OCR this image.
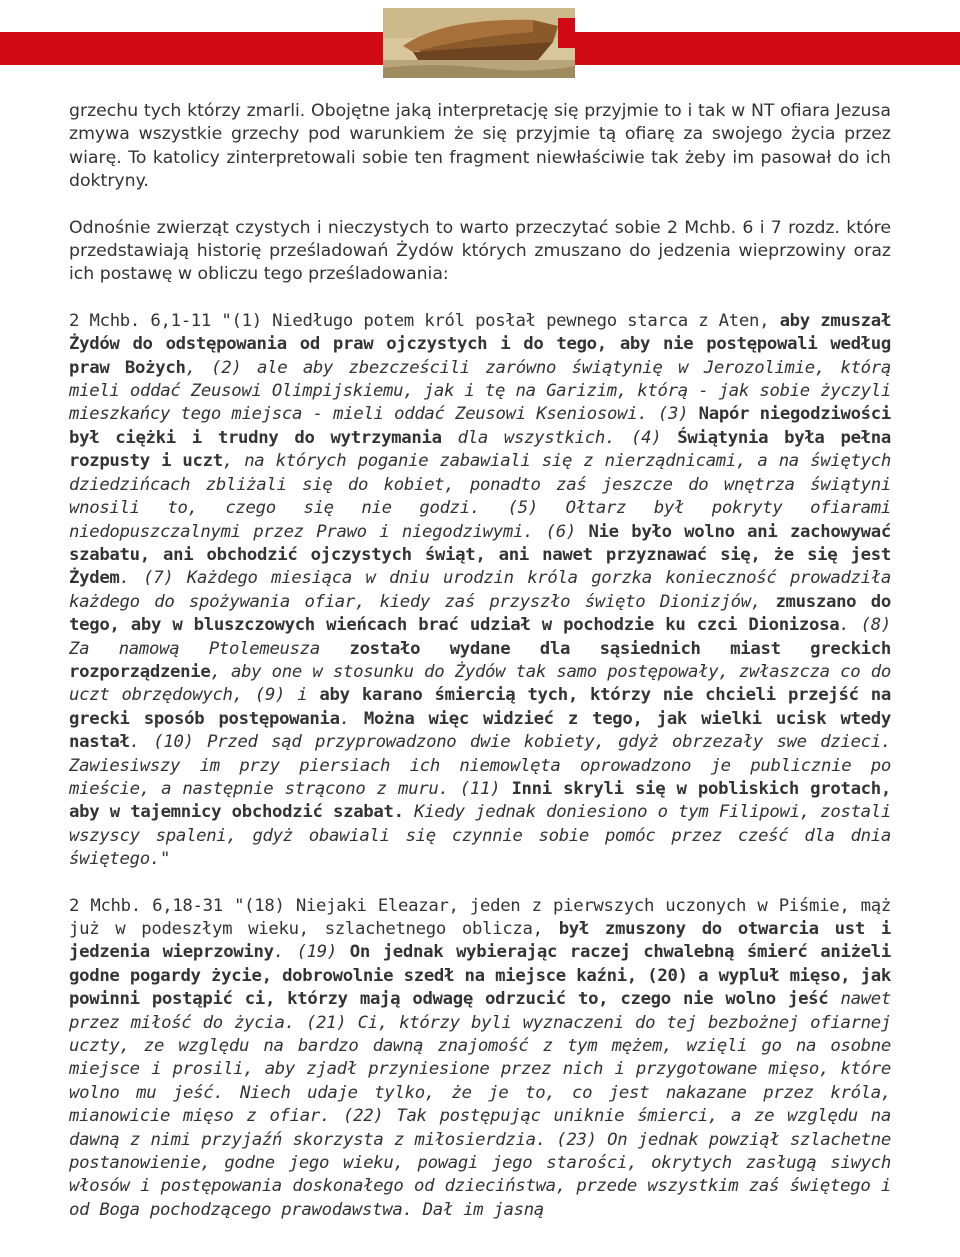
grzechu tych którzy zmarli. Obojętne jaką interpretację się przyjmie to i tak w NT ofiara Jezusa zmywa wszystkie grzechy pod warunkiem że się przyjmie tą ofiarę za swojego życia przez wiarę. To katolicy zinterpretowali sobie ten fragment niewłaściwie tak żeby im pasował do ich doktryny.

Odnośnie zwierząt czystych i nieczystych to warto przeczytać sobie 2 Mchb. 6 i 7 rozdz. które przedstawiają historię prześladowań Żydów których zmuszano do jedzenia wieprzowiny oraz ich postawę w obliczu tego prześladowania:

2 Mchb. 6,1-11 "(1) Niedługo potem król posłał pewnego starca z Aten, aby zmuszał Żydów do odstępowania od praw ojczystych i do tego, aby nie postępowali według praw Bożych, (2) ale aby zbezcześcili zarówno świątynię w Jerozolimie, którą mieli oddać Zeusowi Olimpijskiemu, jak i tę na Garizim, którą - jak sobie życzyli mieszkańcy tego miejsca - mieli oddać Zeusowi Kseniosowi. (3) Napór niegodziwości był ciężki i trudny do wytrzymania dla wszystkich. (4) Świątynia była pełna rozpusty i uczt, na których poganie zabawiali się z nierządnicami, a na świętych dziedzińcach zbliżali się do kobiet, ponadto zaś jeszcze do wnętrza świątyni wnosili to, czego się nie godzi. (5) Ołtarz był pokryty ofiarami niedopuszczalnymi przez Prawo i niegodziwymi. (6) Nie było wolno ani zachowywać szabatu, ani obchodzić ojczystych świąt, ani nawet przyznawać się, że się jest Żydem. (7) Każdego miesiąca w dniu urodzin króla gorzka konieczność prowadziła każdego do spożywania ofiar, kiedy zaś przyszło święto Dionizjów, zmuszano do tego, aby w bluszczowych wieńcach brać udział w pochodzie ku czci Dionizosa. (8) Za namową Ptolemeusza zostało wydane dla sąsiednich miast greckich rozporządzenie, aby one w stosunku do Żydów tak samo postępowały, zwłaszcza co do uczt obrzędowych, (9) i aby karano śmiercią tych, którzy nie chcieli przejść na grecki sposób postępowania. Można więc widzieć z tego, jak wielki ucisk wtedy nastał. (10) Przed sąd przyprowadzono dwie kobiety, gdyż obrzezały swe dzieci. Zawiesiwszy im przy piersiach ich niemowlęta oprowadzono je publicznie po mieście, a następnie strącono z muru. (11) Inni skryli się w pobliskich grotach, aby w tajemnicy obchodzić szabat. Kiedy jednak doniesiono o tym Filipowi, zostali wszyscy spaleni, gdyż obawiali się czynnie sobie pomóc przez cześć dla dnia świętego."

2 Mchb. 6,18-31 "(18) Niejaki Eleazar, jeden z pierwszych uczonych w Piśmie, mąż już w podeszłym wieku, szlachetnego oblicza, był zmuszony do otwarcia ust i jedzenia wieprzowiny. (19) On jednak wybierając raczej chwalebną śmierć aniżeli godne pogardy życie, dobrowolnie szedł na miejsce kaźni, (20) a wypluł mięso, jak powinni postąpić ci, którzy mają odwagę odrzucić to, czego nie wolno jeść nawet przez miłość do życia. (21) Ci, którzy byli wyznaczeni do tej bezbożnej ofiarnej uczty, ze względu na bardzo dawną znajomość z tym mężem, wzięli go na osobne miejsce i prosili, aby zjadł przyniesione przez nich i przygotowane mięso, które wolno mu jeść. Niech udaje tylko, że je to, co jest nakazane przez króla, mianowicie mięso z ofiar. (22) Tak postępując uniknie śmierci, a ze względu na dawną z nimi przyjaźń skorzysta z miłosierdzia. (23) On jednak powziął szlachetne postanowienie, godne jego wieku, powagi jego starości, okrytych zasługą siwych włosów i postępowania doskonałego od dzieciństwa, przede wszystkim zaś świętego i od Boga pochodzącego prawodawstwa. Dał im jasną
